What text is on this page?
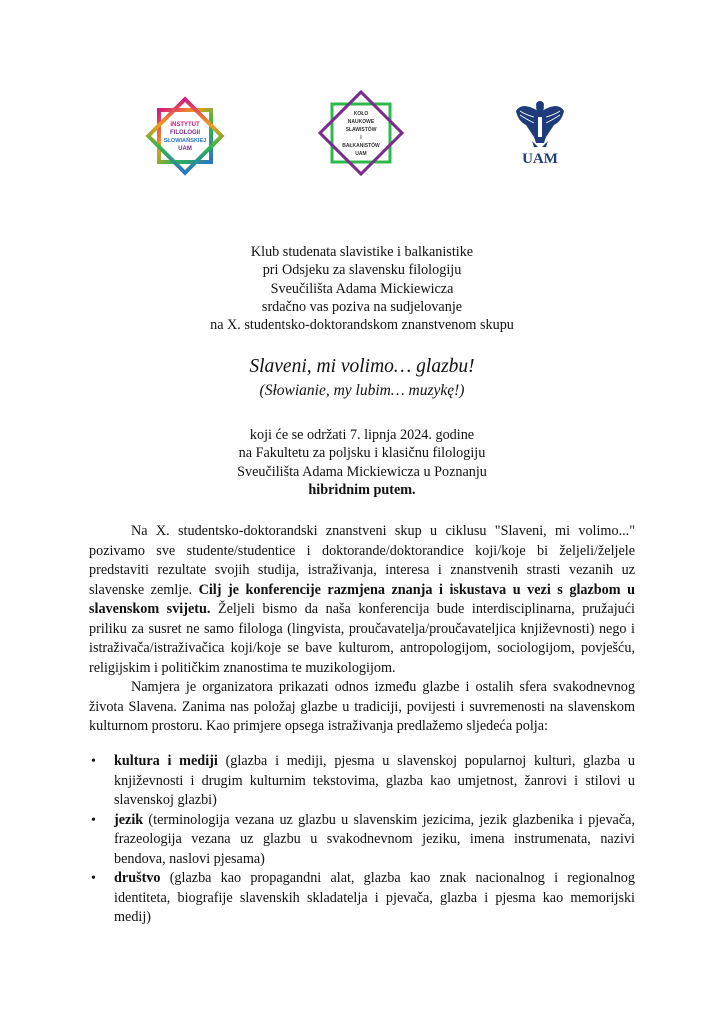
INSTYTUT
FILOLOGII
SŁOWIAŃSKIEJ
UAM
KOŁO
NAUKOWE
SLAWISTÓW
I
BAŁKANISTÓW
UAM	UAM
Klub studenata slavistike i balkanistike
pri Odsjeku za slavensku filologiju
Sveučilišta Adama Mickiewicza
srdačno vas poziva na sudjelovanje
na X. studentsko-doktorandskom znanstvenom skupu
Slaveni, mi volimo… glazbu!
(Słowianie, my lubim… muzykę!)
koji će se održati 7. lipnja 2024. godine
na Fakultetu za poljsku i klasičnu filologiju
Sveučilišta Adama Mickiewicza u Poznanju
hibridnim putem.
Na X. studentsko-doktorandski znanstveni skup u ciklusu "Slaveni, mi volimo..." pozivamo sve studente/studentice i doktorande/doktorandice koji/koje bi željeli/željele predstaviti rezultate svojih studija, istraživanja, interesa i znanstvenih strasti vezanih uz slavenske zemlje. Cilj je konferencije razmjena znanja i iskustava u vezi s glazbom u slavenskom svijetu. Željeli bismo da naša konferencija bude interdisciplinarna, pružajući priliku za susret ne samo filologa (lingvista, proučavatelja/proučavateljica književnosti) nego i istraživača/istraživačica koji/koje se bave kulturom, antropologijom, sociologijom, povješću, religijskim i političkim znanostima te muzikologijom.
Namjera je organizatora prikazati odnos između glazbe i ostalih sfera svakodnevnog života Slavena. Zanima nas položaj glazbe u tradiciji, povijesti i suvremenosti na slavenskom kulturnom prostoru. Kao primjere opsega istraživanja predlažemo sljedeća polja:
• kultura i mediji (glazba i mediji, pjesma u slavenskoj popularnoj kulturi, glazba u književnosti i drugim kulturnim tekstovima, glazba kao umjetnost, žanrovi i stilovi u slavenskoj glazbi)
• jezik (terminologija vezana uz glazbu u slavenskim jezicima, jezik glazbenika i pjevača, frazeologija vezana uz glazbu u svakodnevnom jeziku, imena instrumenata, nazivi bendova, naslovi pjesama)
• društvo (glazba kao propagandni alat, glazba kao znak nacionalnog i regionalnog identiteta, biografije slavenskih skladatelja i pjevača, glazba i pjesma kao memorijski medij)
